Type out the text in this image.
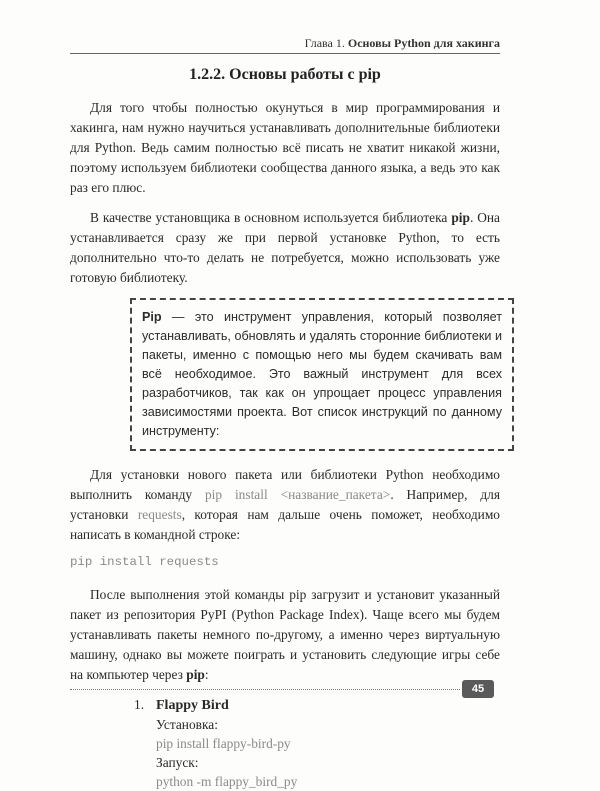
Глава 1. Основы Python для хакинга
1.2.2. Основы работы с pip

Для того чтобы полностью окунуться в мир программирования и хакинга, нам нужно научиться устанавливать дополнительные библиотеки для Python. Ведь самим полностью всё писать не хватит никакой жизни, поэтому используем библиотеки сообщества данного языка, а ведь это как раз его плюс.

В качестве установщика в основном используется библиотека pip. Она устанавливается сразу же при первой установке Python, то есть дополнительно что-то делать не потребуется, можно использовать уже готовую библиотеку.

Pip — это инструмент управления, который позволяет устанавливать, обновлять и удалять сторонние библиотеки и пакеты, именно с помощью него мы будем скачивать вам всё необходимое. Это важный инструмент для всех разработчиков, так как он упрощает процесс управления зависимостями проекта. Вот список инструкций по данному инструменту:

Для установки нового пакета или библиотеки Python необходимо выполнить команду pip install <название_пакета>. Например, для установки requests, которая нам дальше очень поможет, необходимо написать в командной строке:

pip install requests

После выполнения этой команды pip загрузит и установит указанный пакет из репозитория PyPI (Python Package Index). Чаще всего мы будем устанавливать пакеты немного по-другому, а именно через виртуальную машину, однако вы можете поиграть и установить следующие игры себе на компьютер через pip:

1. Flappy Bird
Установка:
pip install flappy-bird-py
Запуск:
python -m flappy_bird_py
45
